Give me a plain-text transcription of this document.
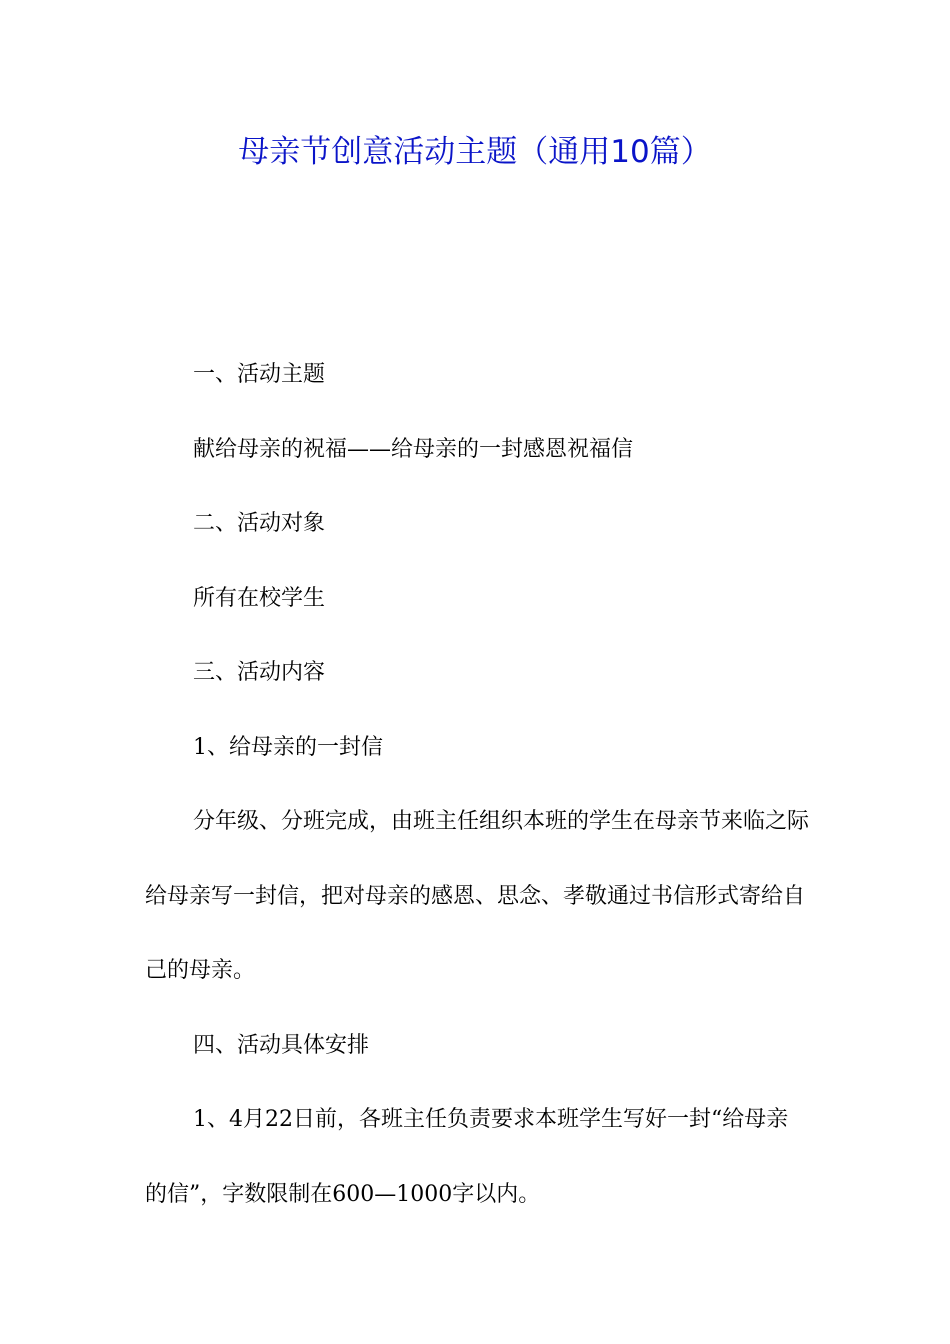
母亲节创意活动主题（通用10篇）

一、活动主题

献给母亲的祝福——给母亲的一封感恩祝福信

二、活动对象

所有在校学生

三、活动内容

1、给母亲的一封信

分年级、分班完成，由班主任组织本班的学生在母亲节来临之际给母亲写一封信，把对母亲的感恩、思念、孝敬通过书信形式寄给自己的母亲。

四、活动具体安排

1、4月22日前，各班主任负责要求本班学生写好一封“给母亲的信”，字数限制在600—1000字以内。
